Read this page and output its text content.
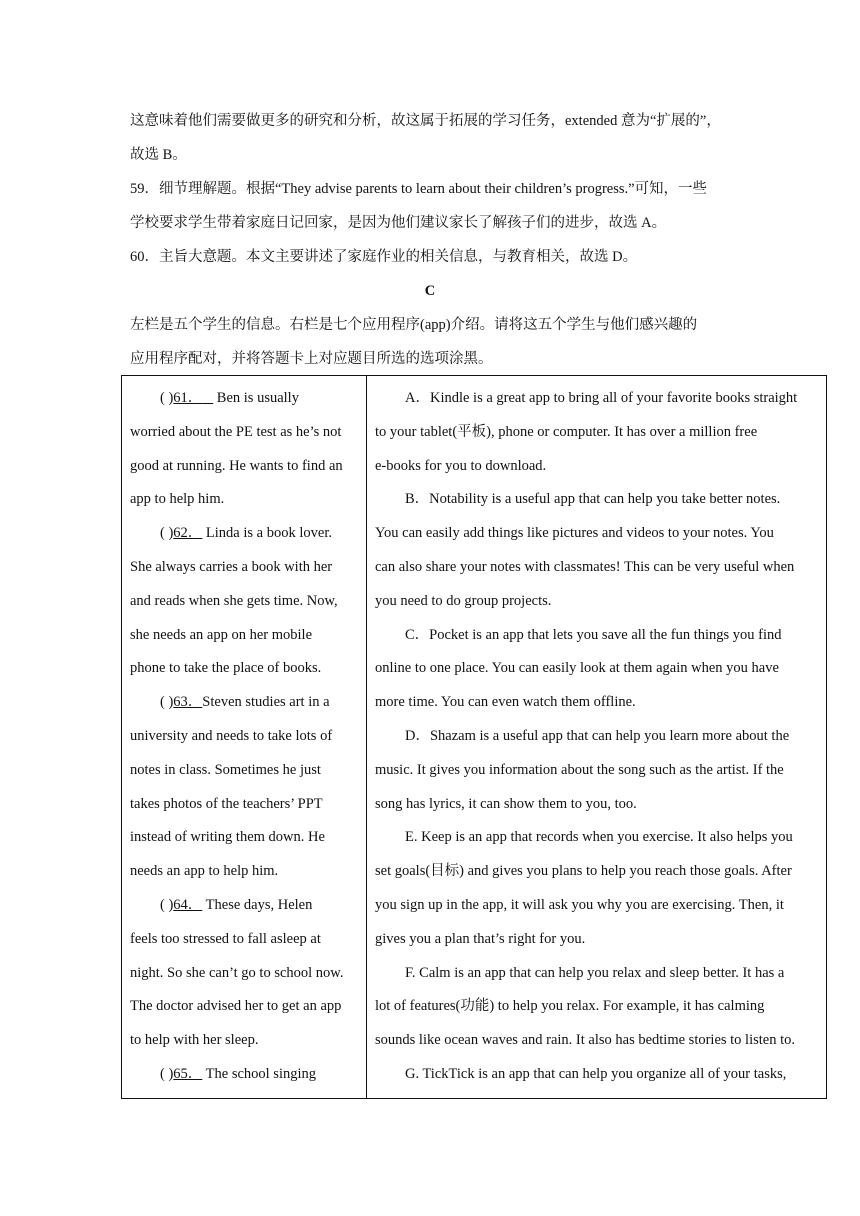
这意味着他们需要做更多的研究和分析，故这属于拓展的学习任务，extended 意为“扩展的”，
故选 B。
59．细节理解题。根据“They advise parents to learn about their children’s progress.”可知，一些
学校要求学生带着家庭日记回家，是因为他们建议家长了解孩子们的进步，故选 A。
60．主旨大意题。本文主要讲述了家庭作业的相关信息，与教育相关，故选 D。
C
左栏是五个学生的信息。右栏是七个应用程序(app)介绍。请将这五个学生与他们感兴趣的
应用程序配对，并将答题卡上对应题目所选的选项涂黑。
( )61．    Ben is usually
worried about the PE test as he’s not
good at running. He wants to find an
app to help him.
( )62． Linda is a book lover.
She always carries a book with her
and reads when she gets time. Now,
she needs an app on her mobile
phone to take the place of books.
( )63．Steven studies art in a
university and needs to take lots of
notes in class. Sometimes he just
takes photos of the teachers’ PPT
instead of writing them down. He
needs an app to help him.
( )64． These days, Helen
feels too stressed to fall asleep at
night. So she can’t go to school now.
The doctor advised her to get an app
to help with her sleep.
( )65． The school singing

A．Kindle is a great app to bring all of your favorite books straight
to your tablet(平板), phone or computer. It has over a million free
e-books for you to download.
B．Notability is a useful app that can help you take better notes.
You can easily add things like pictures and videos to your notes. You
can also share your notes with classmates! This can be very useful when
you need to do group projects.
C．Pocket is an app that lets you save all the fun things you find
online to one place. You can easily look at them again when you have
more time. You can even watch them offline.
D．Shazam is a useful app that can help you learn more about the
music. It gives you information about the song such as the artist. If the
song has lyrics, it can show them to you, too.
E. Keep is an app that records when you exercise. It also helps you
set goals(目标) and gives you plans to help you reach those goals. After
you sign up in the app, it will ask you why you are exercising. Then, it
gives you a plan that’s right for you.
F. Calm is an app that can help you relax and sleep better. It has a
lot of features(功能) to help you relax. For example, it has calming
sounds like ocean waves and rain. It also has bedtime stories to listen to.
G. TickTick is an app that can help you organize all of your tasks,
